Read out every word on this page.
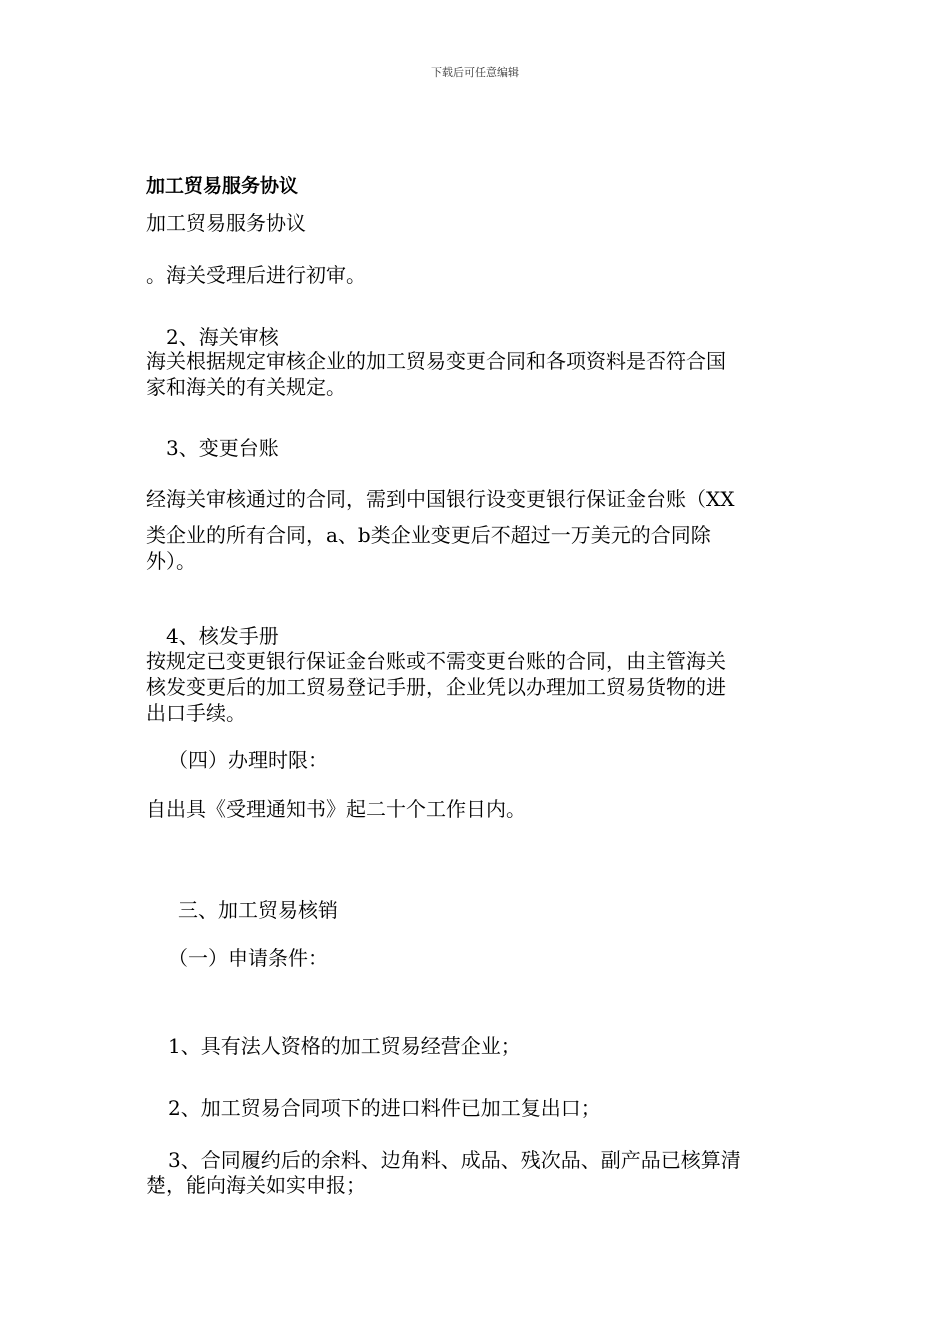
下载后可任意编辑
加工贸易服务协议
加工贸易服务协议
。海关受理后进行初审。
2、海关审核
海关根据规定审核企业的加工贸易变更合同和各项资料是否符合国
家和海关的有关规定。
3、变更台账
经海关审核通过的合同，需到中国银行设变更银行保证金台账（XX
类企业的所有合同，a、b类企业变更后不超过一万美元的合同除
外）。
4、核发手册
按规定已变更银行保证金台账或不需变更台账的合同，由主管海关
核发变更后的加工贸易登记手册，企业凭以办理加工贸易货物的进
出口手续。
（四）办理时限：
自出具《受理通知书》起二十个工作日内。
三、加工贸易核销
（一）申请条件：
1、具有法人资格的加工贸易经营企业；
2、加工贸易合同项下的进口料件已加工复出口；
3、合同履约后的余料、边角料、成品、残次品、副产品已核算清
楚，能向海关如实申报；
